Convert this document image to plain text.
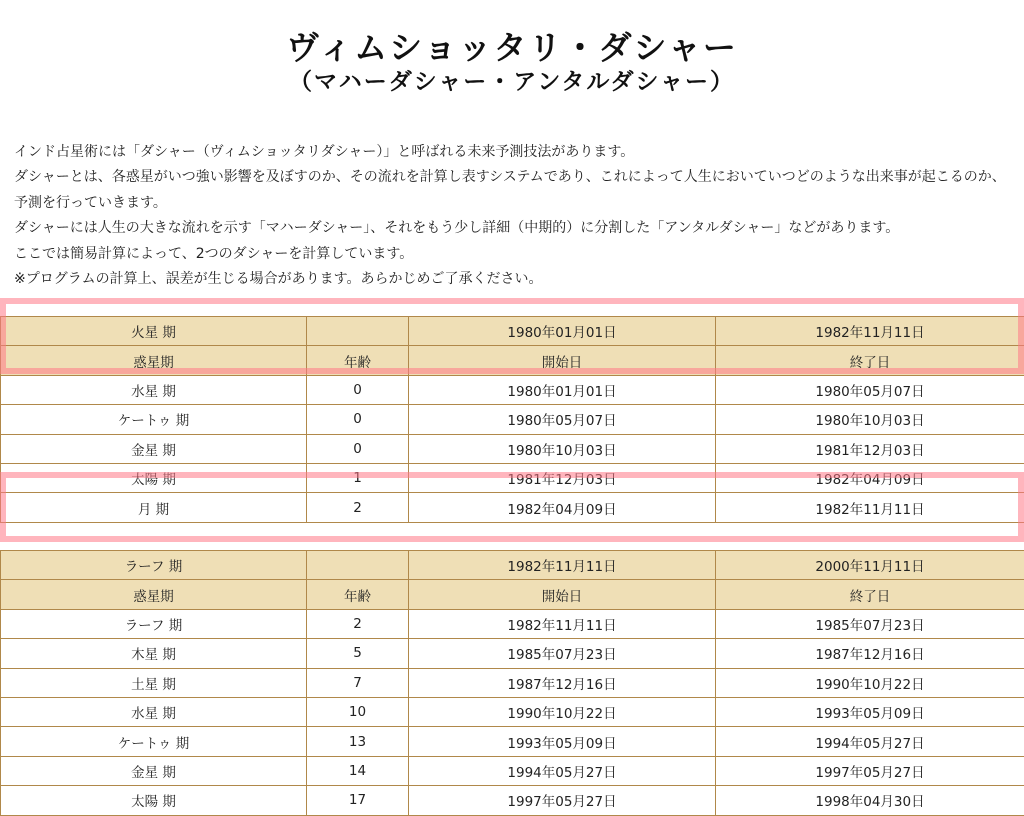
ヴィムショッタリ・ダシャー
（マハーダシャー・アンタルダシャー）

インド占星術には「ダシャー（ヴィムショッタリダシャー）」と呼ばれる未来予測技法があります。

ダシャーとは、各惑星がいつ強い影響を及ぼすのか、その流れを計算し表すシステムであり、これによって人生においていつどのような出来事が起こるのか、予測を行っていきます。

ダシャーには人生の大きな流れを示す「マハーダシャー」、それをもう少し詳細（中期的）に分割した「アンタルダシャー」などがあります。

ここでは簡易計算によって、2つのダシャーを計算しています。

※プログラムの計算上、誤差が生じる場合があります。あらかじめご了承ください。

火星 期		1980年01月01日	1982年11月11日
惑星期	年齢	開始日	終了日
水星 期	0	1980年01月01日	1980年05月07日
ケートゥ 期	0	1980年05月07日	1980年10月03日
金星 期	0	1980年10月03日	1981年12月03日
太陽 期	1	1981年12月03日	1982年04月09日
月 期	2	1982年04月09日	1982年11月11日
ラーフ 期		1982年11月11日	2000年11月11日
惑星期	年齢	開始日	終了日
ラーフ 期	2	1982年11月11日	1985年07月23日
木星 期	5	1985年07月23日	1987年12月16日
土星 期	7	1987年12月16日	1990年10月22日
水星 期	10	1990年10月22日	1993年05月09日
ケートゥ 期	13	1993年05月09日	1994年05月27日
金星 期	14	1994年05月27日	1997年05月27日
太陽 期	17	1997年05月27日	1998年04月30日
